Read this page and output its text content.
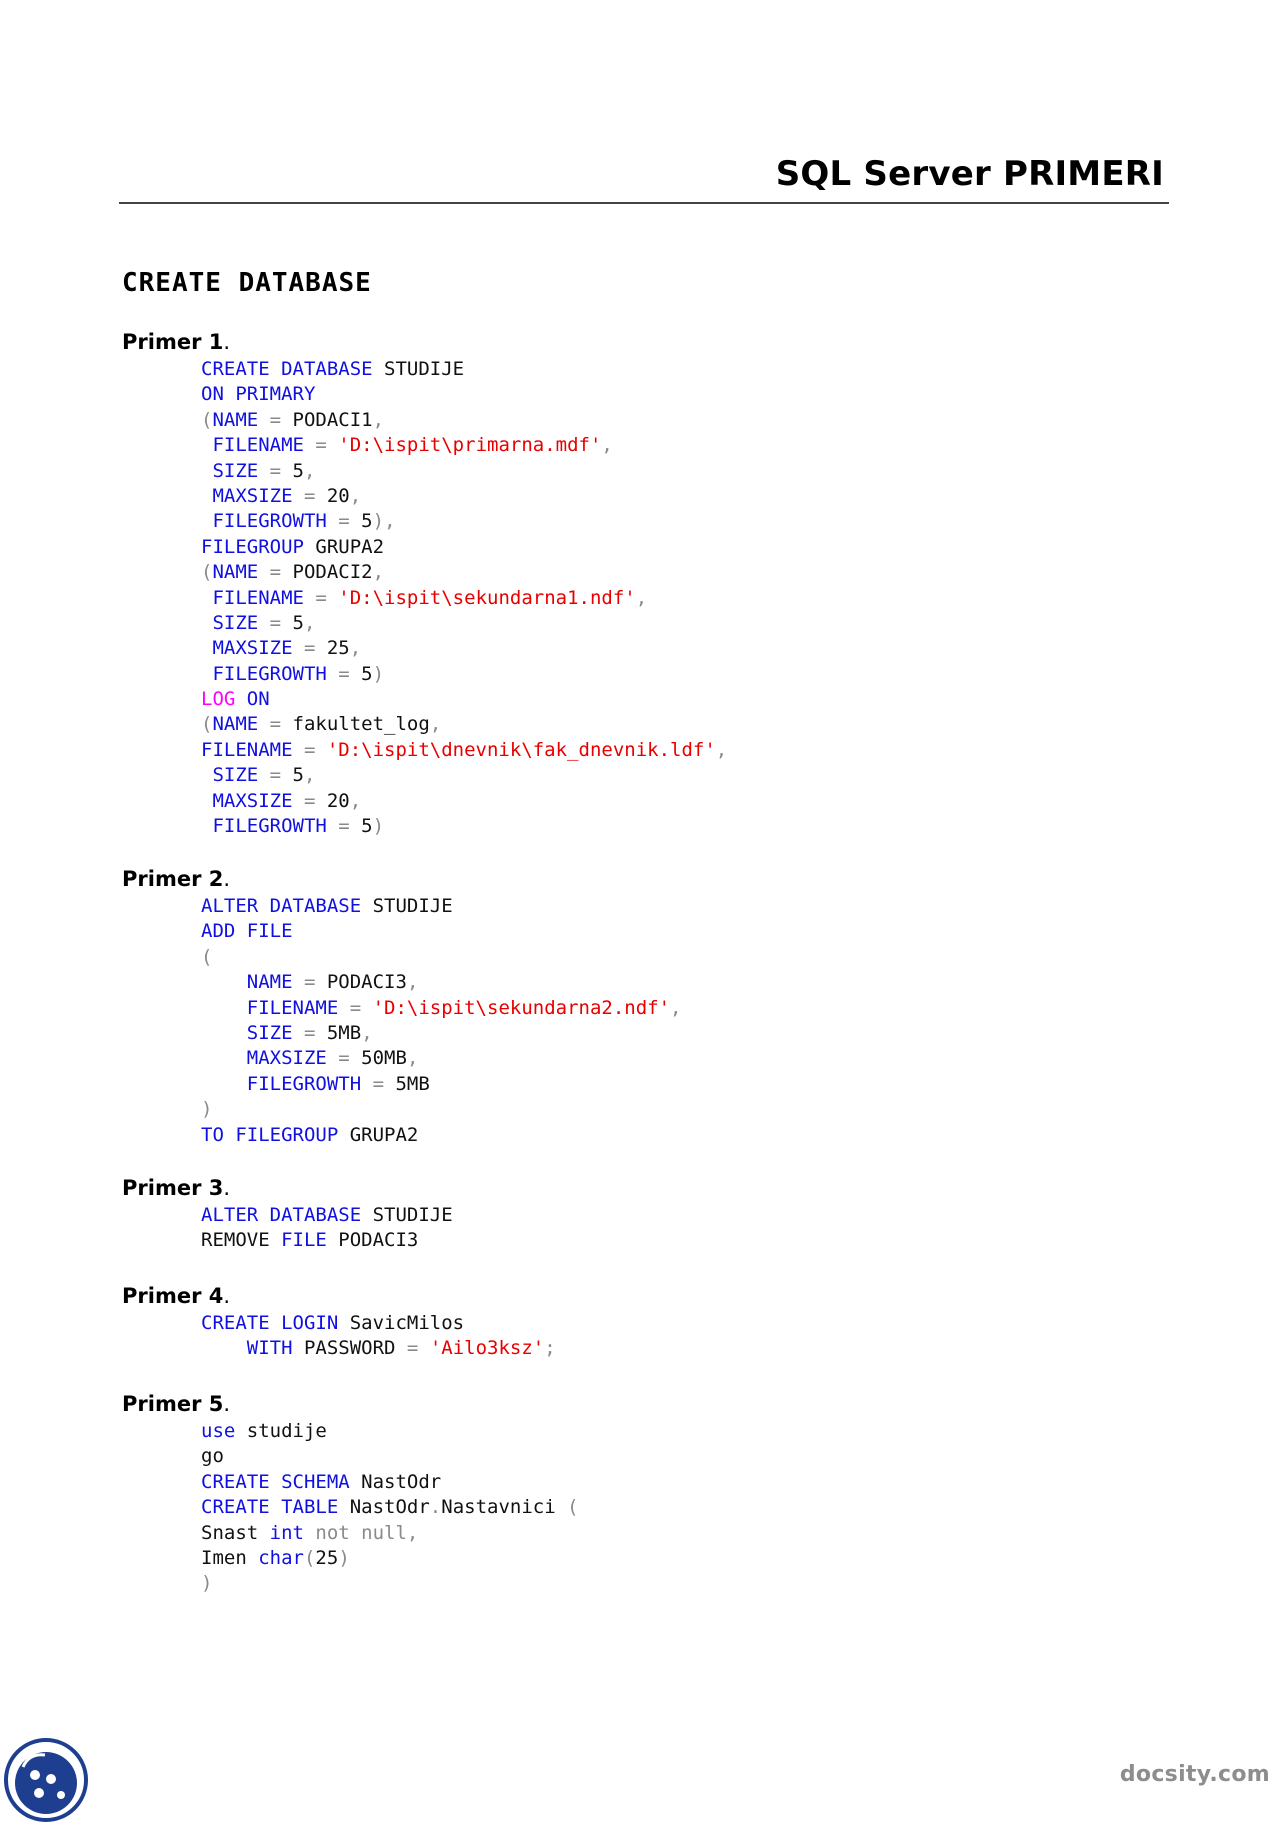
SQL Server PRIMERI
CREATE DATABASE
Primer 1.
CREATE DATABASE STUDIJE
ON PRIMARY
(NAME = PODACI1,
FILENAME = 'D:\ispit\primarna.mdf',
SIZE = 5,
MAXSIZE = 20,
FILEGROWTH = 5),
FILEGROUP GRUPA2
(NAME = PODACI2,
FILENAME = 'D:\ispit\sekundarna1.ndf',
SIZE = 5,
MAXSIZE = 25,
FILEGROWTH = 5)
LOG ON
(NAME = fakultet_log,
FILENAME = 'D:\ispit\dnevnik\fak_dnevnik.ldf',
SIZE = 5,
MAXSIZE = 20,
FILEGROWTH = 5)
Primer 2.
ALTER DATABASE STUDIJE
ADD FILE
(
NAME = PODACI3,
FILENAME = 'D:\ispit\sekundarna2.ndf',
SIZE = 5MB,
MAXSIZE = 50MB,
FILEGROWTH = 5MB
)
TO FILEGROUP GRUPA2
Primer 3.
ALTER DATABASE STUDIJE
REMOVE FILE PODACI3
Primer 4.
CREATE LOGIN SavicMilos
WITH PASSWORD = 'Ailo3ksz';
Primer 5.
use studije
go
CREATE SCHEMA NastOdr
CREATE TABLE NastOdr.Nastavnici (
Snast int not null,
Imen char(25)
)
docsity.com
